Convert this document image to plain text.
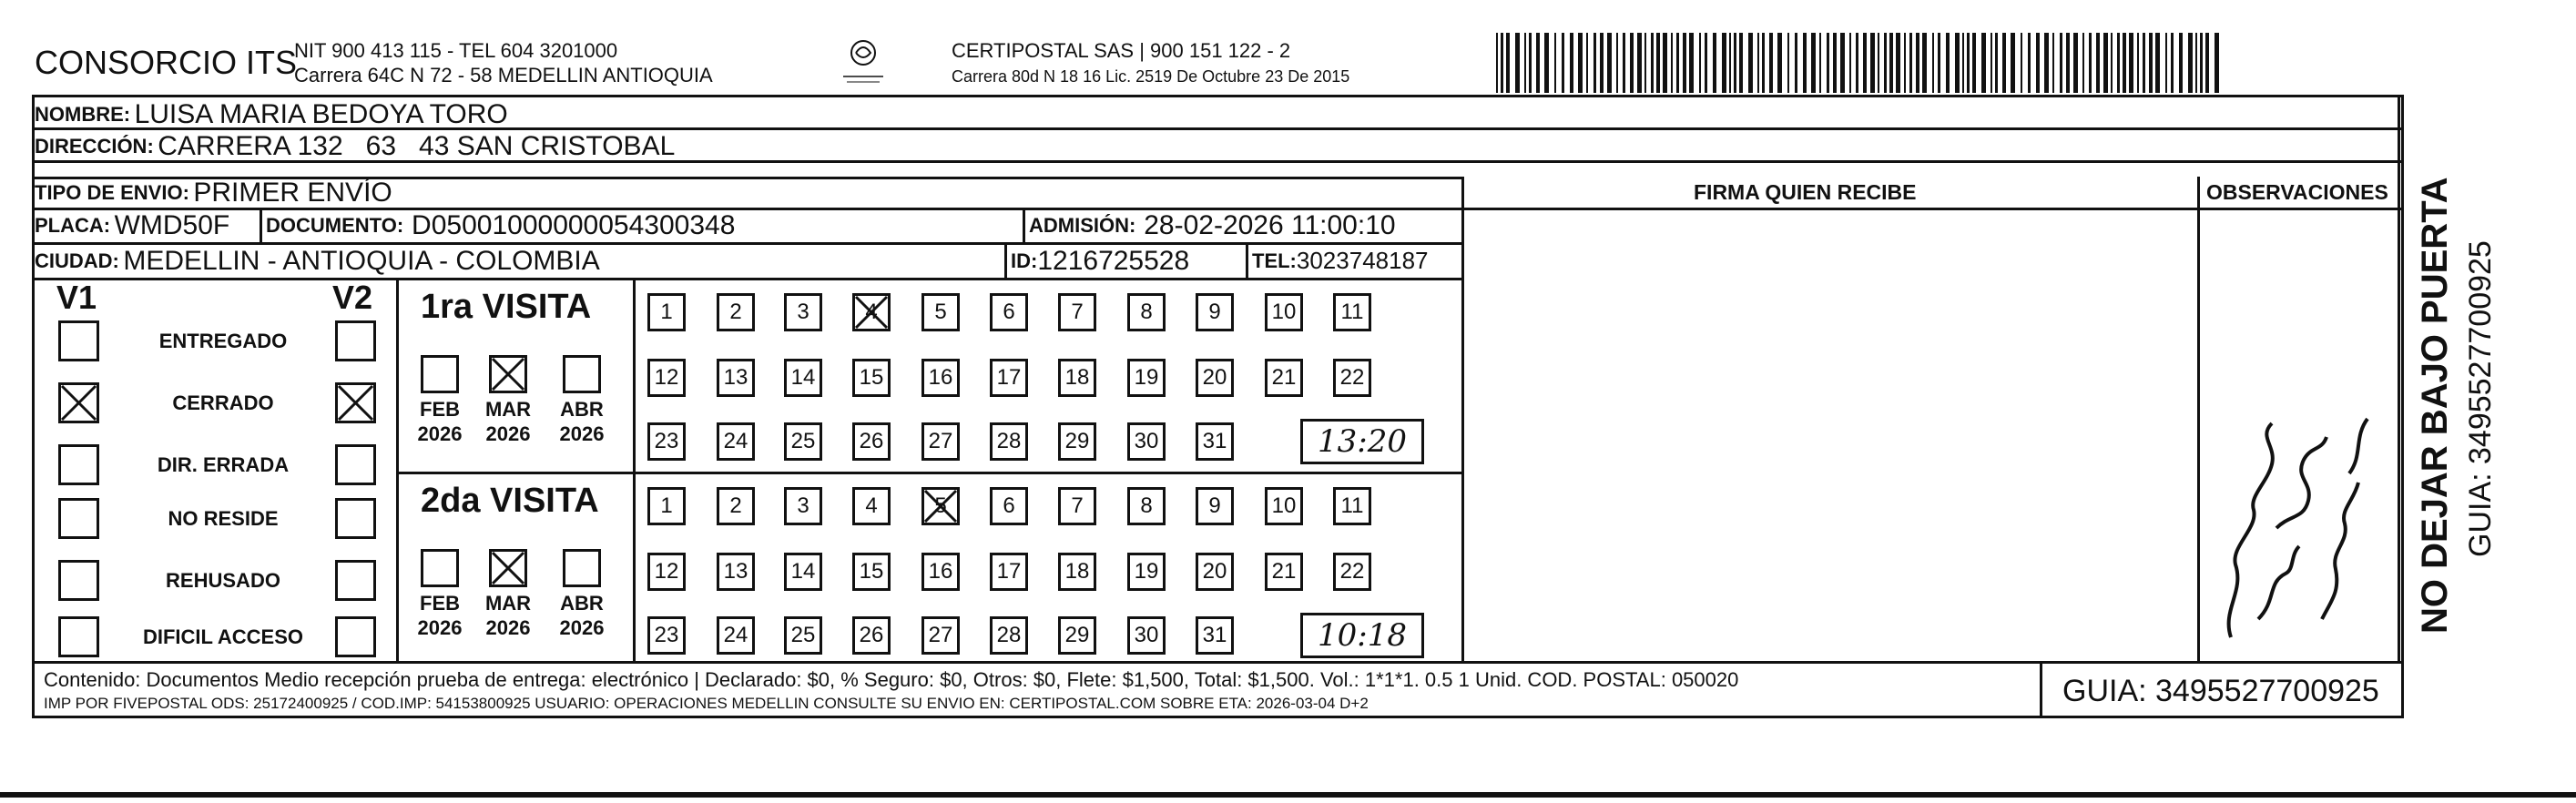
CONSORCIO ITS
NIT 900 413 115 - TEL 604 3201000
Carrera 64C N 72 - 58 MEDELLIN ANTIOQUIA
CERTIPOSTAL SAS | 900 151 122 - 2
Carrera 80d N 18 16 Lic. 2519 De Octubre 23 De 2015
NOMBRE:
LUISA MARIA BEDOYA TORO
DIRECCIÓN:
CARRERA 132   63   43 SAN CRISTOBAL
TIPO DE ENVIO:
PRIMER ENVÍO	FIRMA QUIEN RECIBE	OBSERVACIONES
PLACA:
WMD50F DOCUMENTO:
D05001000000054300348	ADMISIÓN:
28-02-2026 11:00:10
CIUDAD:
MEDELLIN - ANTIOQUIA - COLOMBIA	ID: 1216725528	TEL: 3023748187
V1	V2
ENTREGADO
CERRADO
DIR. ERRADA
NO RESIDE
REHUSADO
DIFICIL ACCESO
1ra VISITA
FEB
2026
MAR
2026
ABR
2026
1	2	3	4	5	6	7	8	9	10	11
12	13	14	15	16	17	18	19	20	21	22
23	24	25	26	27	28	29	30	31	13:20
2da VISITA
FEB
2026
MAR
2026
ABR
2026
1	2	3	4	5	6	7	8	9	10	11
12	13	14	15	16	17	18	19	20	21	22
23	24	25	26	27	28	29	30	31	10:18
Contenido: Documentos Medio recepción prueba de entrega: electrónico | Declarado: $0, % Seguro: $0, Otros: $0, Flete: $1,500, Total: $1,500. Vol.: 1*1*1. 0.5 1 Unid. COD. POSTAL: 050020
IMP POR FIVEPOSTAL ODS: 25172400925 / COD.IMP: 54153800925 USUARIO: OPERACIONES MEDELLIN CONSULTE SU ENVIO EN: CERTIPOSTAL.COM SOBRE ETA: 2026-03-04 D+2	GUIA: 3495527700925
NO DEJAR BAJO PUERTA GUIA: 3495527700925
